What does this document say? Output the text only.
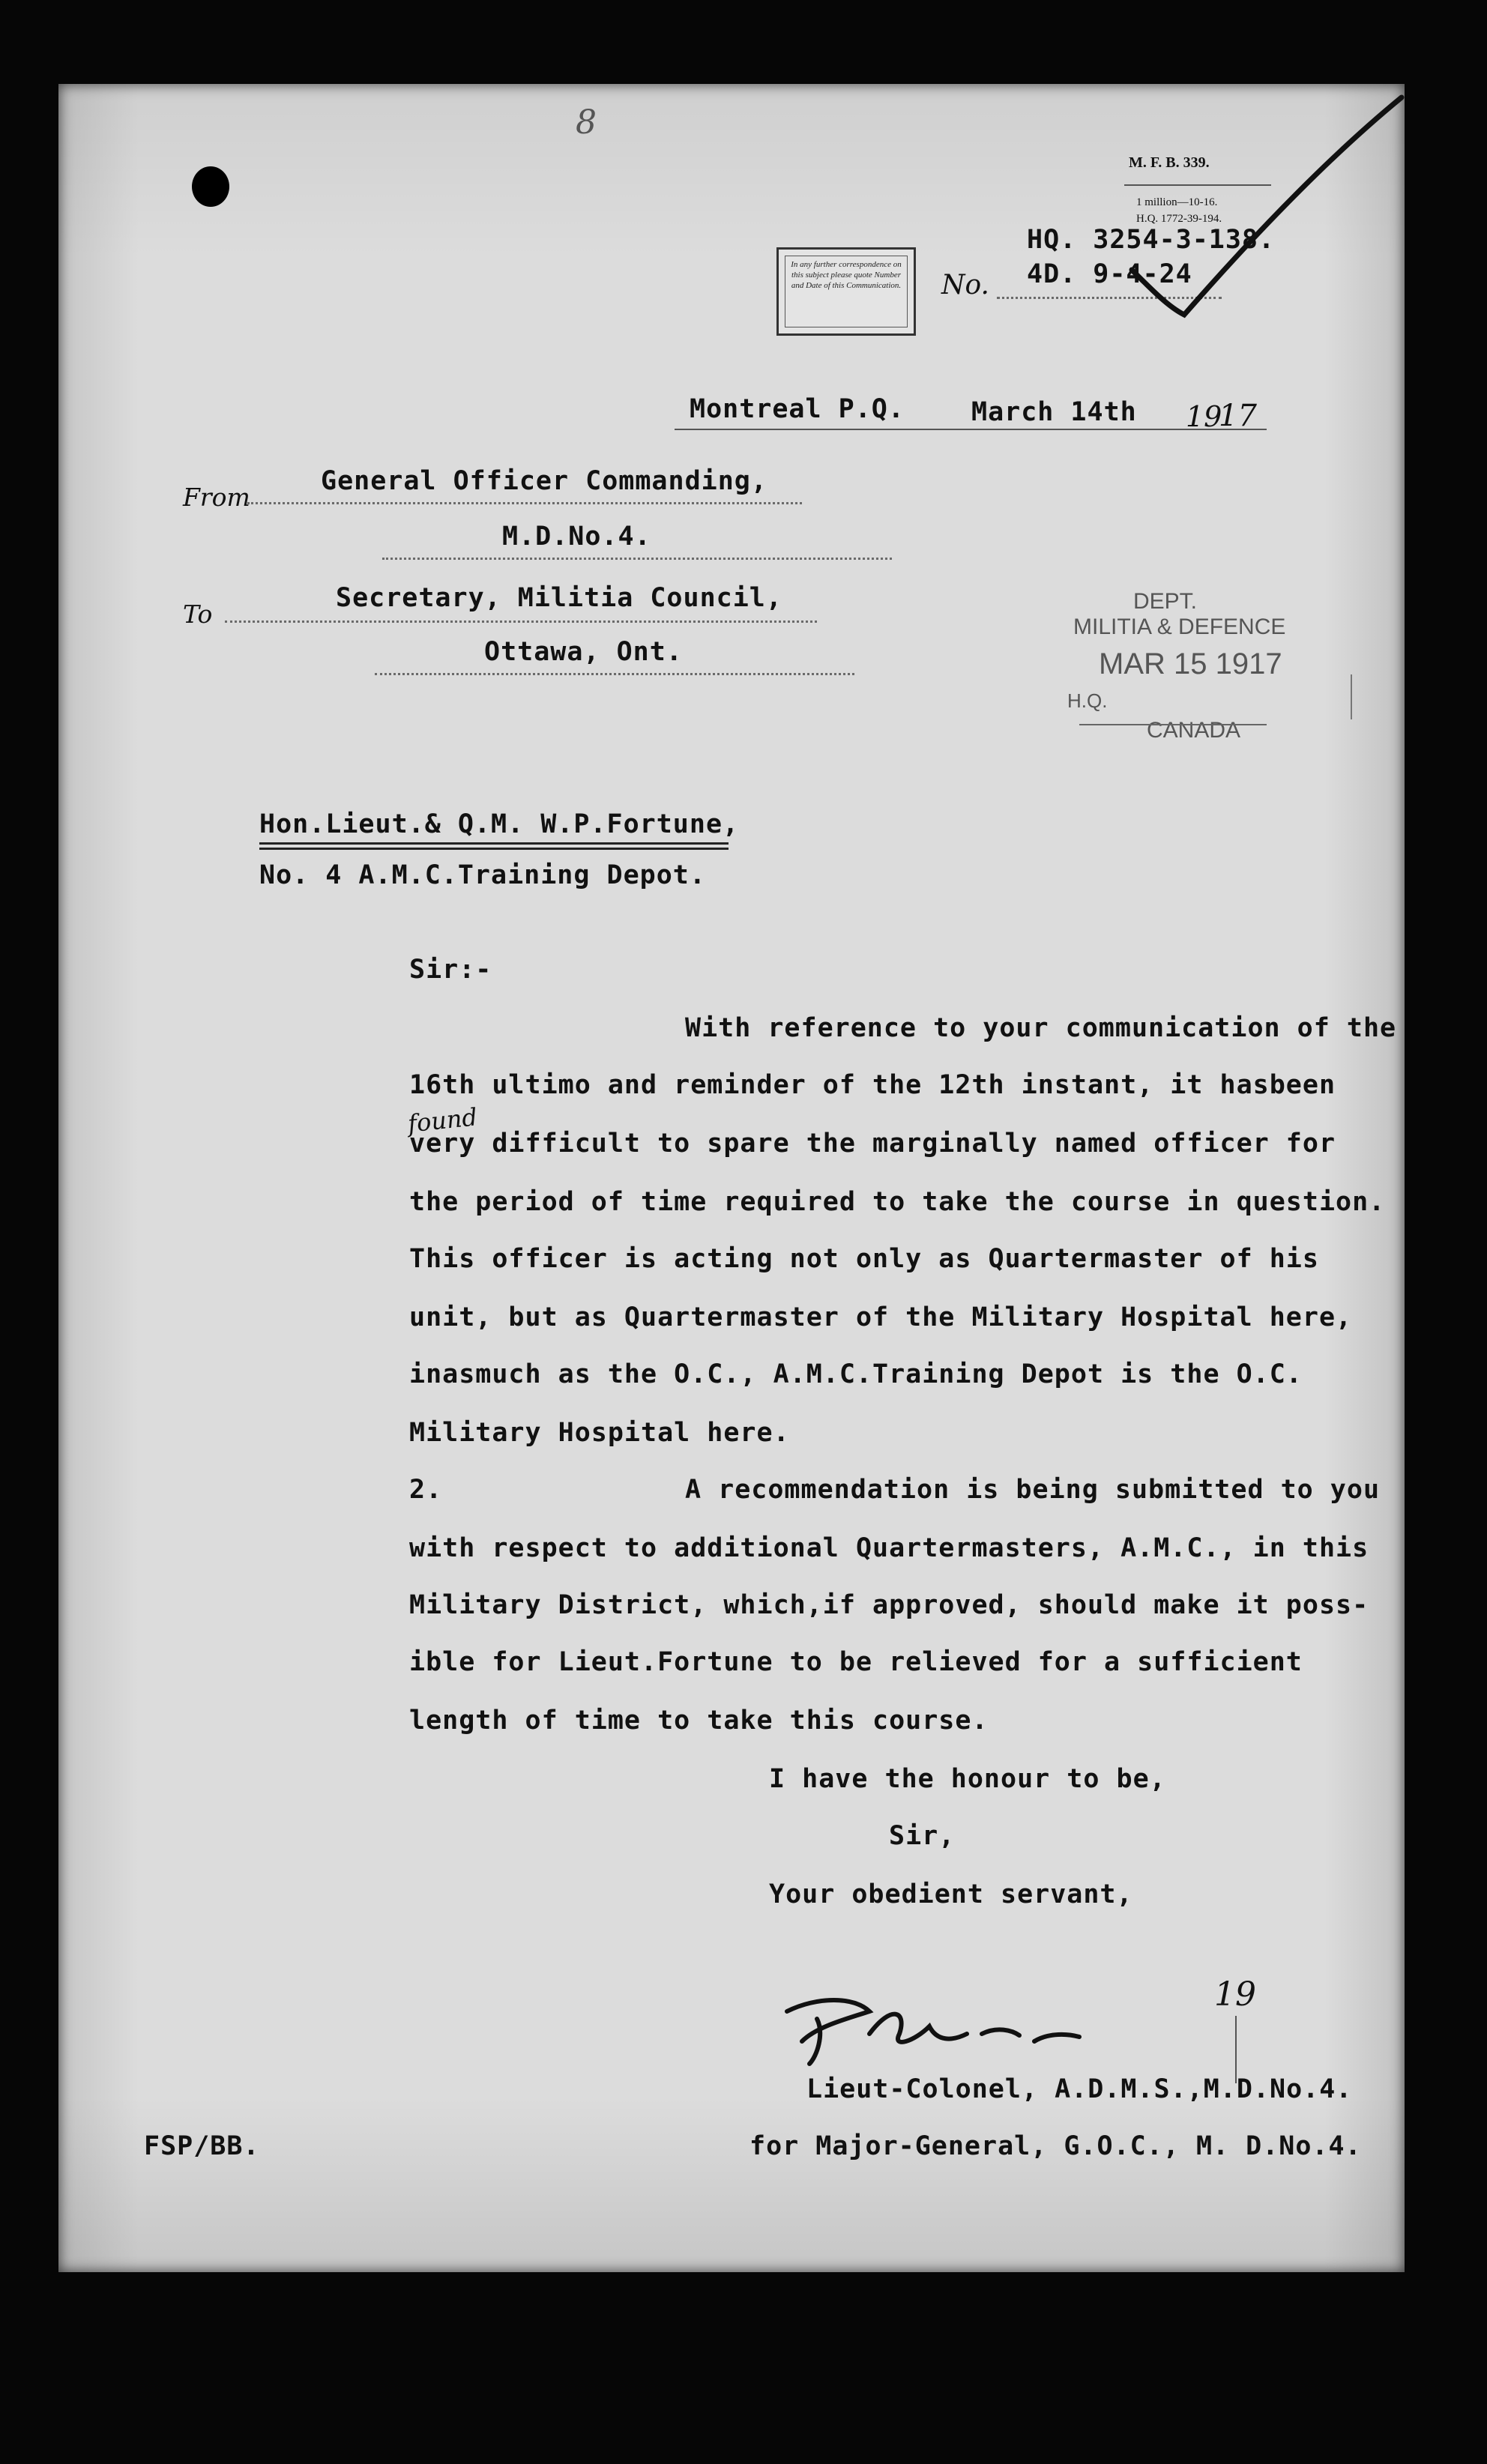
8
M. F. B. 339.
1 million—10-16.
H.Q. 1772-39-194.
In any further correspondence on this subject please quote Number and Date of this Communication. No.
HQ. 3254-3-138.
4D. 9-4-24
Montreal P.Q.	March 14th 19
17
From
General Officer Commanding,
M.D.No.4.
To
Secretary, Militia Council,
Ottawa, Ont.
DEPT.
MILITIA & DEFENCE
MAR 15 1917
H.Q.
CANADA
Hon.Lieut.& Q.M. W.P.Fortune,
No. 4 A.M.C.Training Depot.
Sir:-
With reference to your communication of the
16th ultimo and reminder of the 12th instant, it hasbeen
found
very difficult to spare the marginally named officer for
the period of time required to take the course in question.
This officer is acting not only as Quartermaster of his
unit, but as Quartermaster of the Military Hospital here,
inasmuch as the O.C., A.M.C.Training Depot is the O.C.
Military Hospital here.
2.	A recommendation is being submitted to you
with respect to additional Quartermasters, A.M.C., in this
Military District, which,if approved, should make it poss-
ible for Lieut.Fortune to be relieved for a sufficient
length of time to take this course.
I have the honour to be,
Sir,
Your obedient servant,
19
Lieut-Colonel, A.D.M.S.,M.D.No.4.
for Major-General, G.O.C., M. D.No.4.
FSP/BB.
